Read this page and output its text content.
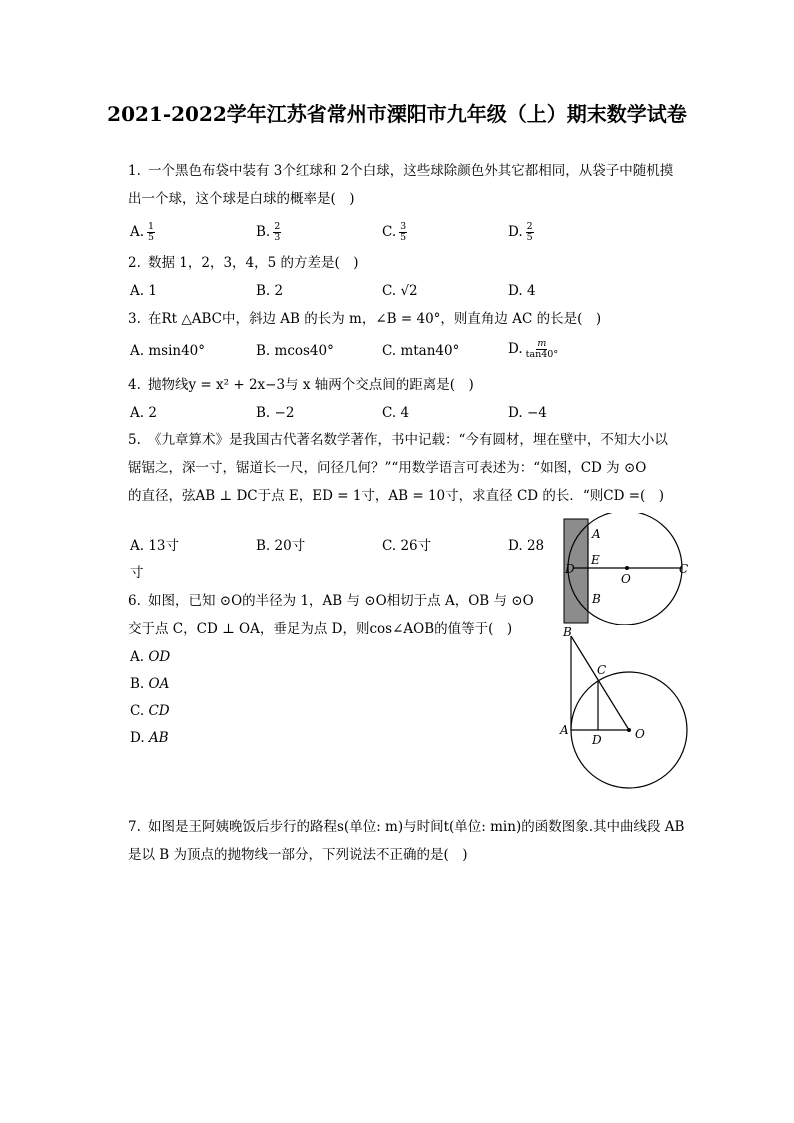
2021-2022学年江苏省常州市溧阳市九年级（上）期末数学试卷
1. 一个黑色布袋中装有 3个红球和 2个白球，这些球除颜色外其它都相同，从袋子中随机摸
出一个球，这个球是白球的概率是(　)
A. $\frac{1}{5}$	B. $\frac{2}{3}$	C. $\frac{3}{5}$	D. $\frac{2}{5}$
2. 数据 1，2，3，4，5 的方差是(　)
A. 1	B. 2	C. √2	D. 4
3. 在Rt △ABC中，斜边 AB 的长为 m，∠B = 40°，则直角边 AC 的长是(　)
A. msin40°	B. mcos40°	C. mtan40°	D. $\frac{m}{\tan 40^\circ}$
4. 抛物线y = x² + 2x−3与 x 轴两个交点间的距离是(　)
A. 2	B. −2	C. 4	D. −4
5. 《九章算术》是我国古代著名数学著作，书中记载：“今有圆材，埋在壁中，不知大小以
锯锯之，深一寸，锯道长一尺，问径几何？”“用数学语言可表述为：“如图，CD 为 ⊙O
的直径，弦AB ⊥ DC于点 E，ED = 1寸，AB = 10寸，求直径 CD 的长．“则CD =(　)
A. 13寸	B. 20寸	C. 26寸	D. 28
寸	D
E
A
B
O
C
6. 如图，已知 ⊙O的半径为 1，AB 与 ⊙O相切于点 A，OB 与 ⊙O
交于点 C，CD ⊥ OA，垂足为点 D，则cos∠AOB的值等于(　)
A. OD
B. OA
C. CD
D. AB
B
C
A
D	O
7. 如图是王阿姨晚饭后步行的路程s(单位: m)与时间t(单位: min)的函数图象.其中曲线段 AB
是以 B 为顶点的抛物线一部分，下列说法不正确的是(　)
